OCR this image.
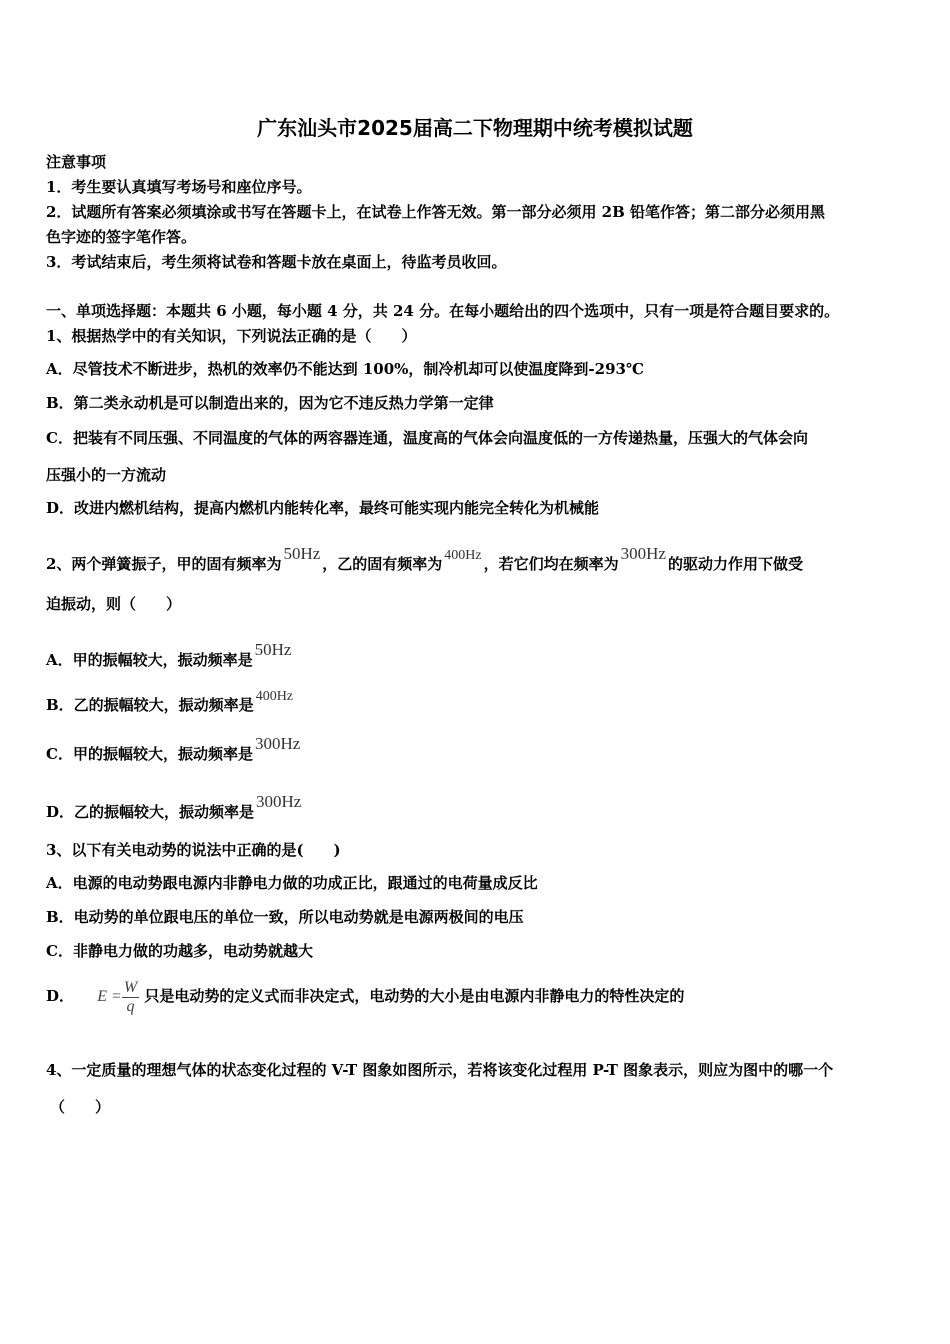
广东汕头市2025届高二下物理期中统考模拟试题
注意事项
1．考生要认真填写考场号和座位序号。
2．试题所有答案必须填涂或书写在答题卡上，在试卷上作答无效。第一部分必须用 2B 铅笔作答；第二部分必须用黑
色字迹的签字笔作答。
3．考试结束后，考生须将试卷和答题卡放在桌面上，待监考员收回。
一、单项选择题：本题共 6 小题，每小题 4 分，共 24 分。在每小题给出的四个选项中，只有一项是符合题目要求的。
1、根据热学中的有关知识，下列说法正确的是（　　）
A．尽管技术不断进步，热机的效率仍不能达到 100%，制冷机却可以使温度降到-293℃
B．第二类永动机是可以制造出来的，因为它不违反热力学第一定律
C．把装有不同压强、不同温度的气体的两容器连通，温度高的气体会向温度低的一方传递热量，压强大的气体会向
压强小的一方流动
D．改进内燃机结构，提高内燃机内能转化率，最终可能实现内能完全转化为机械能
2、两个弹簧振子，甲的固有频率为50Hz，乙的固有频率为 400Hz ，若它们均在频率为300Hz的驱动力作用下做受
迫振动，则（　　）
A．甲的振幅较大，振动频率是50Hz
B．乙的振幅较大，振动频率是 400Hz
C．甲的振幅较大，振动频率是300Hz
D．乙的振幅较大，振动频率是300Hz
3、以下有关电动势的说法中正确的是(　　)
A．电源的电动势跟电源内非静电力做的功成正比，跟通过的电荷量成反比
B．电动势的单位跟电压的单位一致，所以电动势就是电源两极间的电压
C．非静电力做的功越多，电动势就越大
D． $E = \frac{W}{q}$ 只是电动势的定义式而非决定式，电动势的大小是由电源内非静电力的特性决定的
4、一定质量的理想气体的状态变化过程的 V-T 图象如图所示，若将该变化过程用 P-T 图象表示，则应为图中的哪一个
（　　）
